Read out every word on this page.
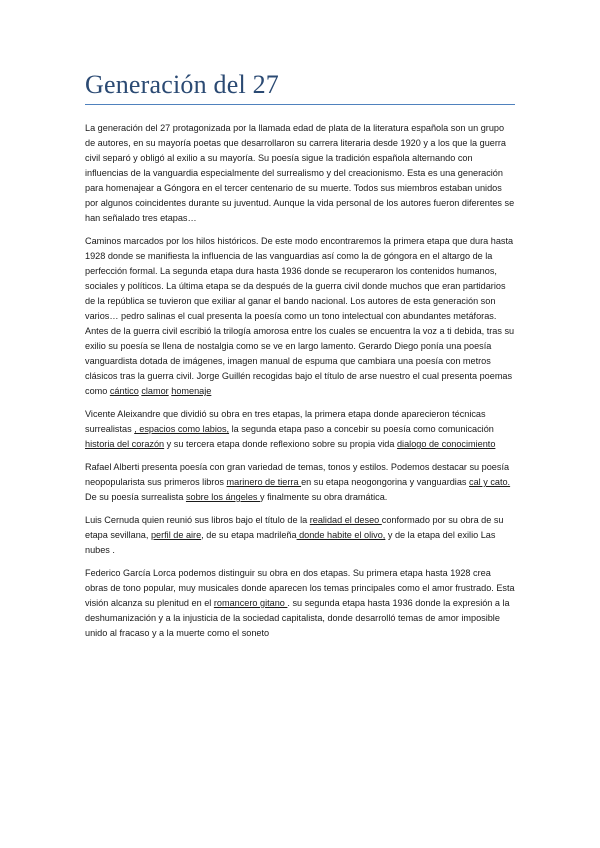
Generación del 27

La generación del 27 protagonizada por la llamada edad de plata de la literatura española son un grupo de autores, en su mayoría poetas que desarrollaron su carrera literaria desde 1920 y a los que la guerra civil separó y obligó al exilio a su mayoría. Su poesía sigue la tradición española alternando con influencias de la vanguardia especialmente del surrealismo y del creacionismo. Esta es una generación para homenajear a Góngora en el tercer centenario de su muerte. Todos sus miembros estaban unidos por algunos coincidentes durante su juventud. Aunque la vida personal de los autores fueron diferentes se han señalado tres etapas…

Caminos marcados por los hilos históricos. De este modo encontraremos la primera etapa que dura hasta 1928 donde se manifiesta la influencia de las vanguardias así como la de góngora en el altargo de la perfección formal. La segunda etapa dura hasta 1936 donde se recuperaron los contenidos humanos, sociales y políticos. La última etapa se da después de la guerra civil donde muchos que eran partidarios de la república se tuvieron que exiliar al ganar el bando nacional. Los autores de esta generación son varios… pedro salinas el cual presenta la poesía como un tono intelectual con abundantes metáforas. Antes de la guerra civil escribió la trilogía amorosa entre los cuales se encuentra la voz a ti debida, tras su exilio su poesía se llena de nostalgia como se ve en largo lamento. Gerardo Diego ponía una poesía vanguardista dotada de imágenes, imagen manual de espuma que cambiara una poesía con metros clásicos tras la guerra civil. Jorge Guillén recogidas bajo el título de arse nuestro el cual presenta poemas como cántico clamor homenaje

Vicente Aleixandre que dividió su obra en tres etapas, la primera etapa donde aparecieron técnicas surrealistas , espacios como labios, la segunda etapa paso a concebir su poesía como comunicación historia del corazón y su tercera etapa donde reflexiono sobre su propia vida dialogo de conocimiento

Rafael Alberti presenta poesía con gran variedad de temas, tonos y estilos. Podemos destacar su poesía neopopularista sus primeros libros marinero de tierra en su etapa neogongorina y vanguardias cal y cato. De su poesía surrealista sobre los ángeles y finalmente su obra dramática.

Luis Cernuda quien reunió sus libros bajo el título de la realidad el deseo conformado por su obra de su etapa sevillana, perfil de aire, de su etapa madrileña donde habite el olivo, y de la etapa del exilio Las nubes .

Federico García Lorca podemos distinguir su obra en dos etapas. Su primera etapa hasta 1928 crea obras de tono popular, muy musicales donde aparecen los temas principales como el amor frustrado. Esta visión alcanza su plenitud en el romancero gitano . su segunda etapa hasta 1936 donde la expresión a la deshumanización y a la injusticia de la sociedad capitalista, donde desarrolló temas de amor imposible unido al fracaso y a la muerte como el soneto
